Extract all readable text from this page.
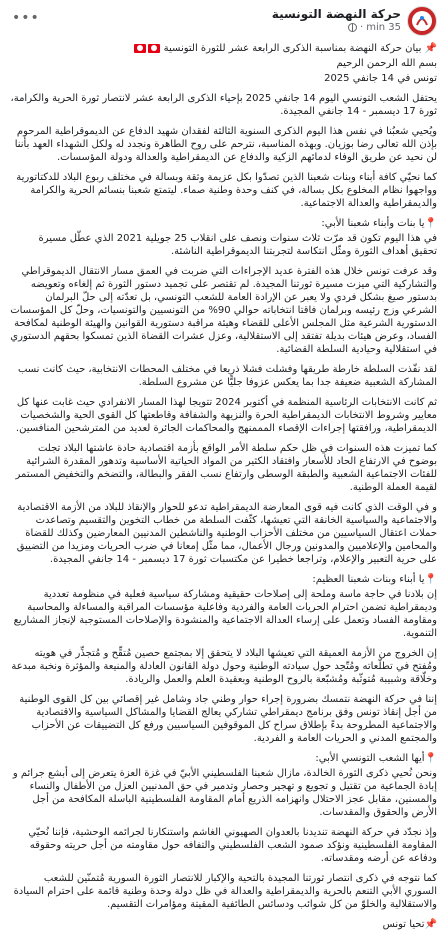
حركة النهضة التونسية
35 min
·
•••

📌 بيان حركة النهضة بمناسبة الذكرى الرابعة عشر للثورة التونسية

بسم الله الرحمن الرحيم

تونس في 14 جانفي 2025

يحتفل الشعب التونسي اليوم 14 جانفي 2025 بإحياء الذكرى الرابعة عشر لانتصار ثورة الحرية والكرامة، ثورة 17 ديسمبر - 14 جانفي المجيدة.

ويُحيي شعبُنا في نفس هذا اليوم الذكرى السنوية الثالثة لفقدان شهيد الدفاع عن الديموقراطية المرحوم بإذن الله تعالى رضا بوزيان. وبهذه المناسبة، نترحم على روح الطاهرة ونجدد له ولكل الشهداء العهد بأننا لن نحيد عن طريق الوفاء لدمائهم الزكية والدفاع عن الديمقراطية والعدالة ودولة المؤسسات.

كما نحيّي كافة أبناء وبنات شعبنا الذين تصدّوا بكل عزيمة وثقة وبسالة في مختلف ربوع البلاد للدكتاتورية وواجهوا نظام المخلوع بكل بسالة، في كنف وحدة وطنية صماء. ليتمتع شعبنا بنسائم الحرية والكرامة والديمقراطية والعدالة الاجتماعية.

📍يا بنات وأبناء شعبنا الأبي:

في هذا اليوم تكون قد مرّت ثلاث سنوات ونصف على انقلاب 25 جويلية 2021 الذي عطّل مسيرة تحقيق أهداف الثورة ومثّل انتكاسة لتجربتنا الديموقراطية الناشئة.

وقد عرفت تونس خلال هذه الفترة عديد الإجراءات التي ضربت في العمق مسار الانتقال الديموقراطي والتشاركية التي ميزت مسيرة ثورتنا المجيدة. لم تقتصر على تجميد دستور الثورة ثم إلغاءه وتعويضه بدستور صيغ بشكل فردي ولا يعبر عن الإرادة العامة للشعب التونسي، بل تعدّته إلى حلّ البرلمان الشرعي وزج رئيسه وبرلمان فاقتا انتخاباته حوالي 90% من التونسيين والتونسيات، وحلّ كل المؤسسات الدستورية الشرعية مثل المجلس الأعلى للقضاء وهيئة مراقبة دستورية القوانين والهيئة الوطنية لمكافحة الفساد، وعرض هيئات بديلة تفتقد إلى الاستقلالية، وعزل عشرات القضاة الذين تمسكوا بحقهم الدستوري في استقلالية وحيادية السلطة القضائية.

لقد نفّذت السلطة خارطة طريقها وفشلت فشلا ذريعا في مختلف المحطات الانتخابية، حيث كانت نسب المشاركة الشعبية ضعيفة جدا بما يعكس عزوفا جليًّا عن مشروع السلطة.

ثم كانت الانتخابات الرئاسية المنظمة في أكتوبر 2024 تتويجا لهذا المسار الانفرادي حيث غابت عنها كل معايير وشروط الانتخابات الديمقراطية الحرة والنزيهة والشفافة وقاطعتها كل القوى الحية والشخصيات الديمقراطية، ورافقتها إجراءات الإقصاء المممنهج والمحاكمات الجائرة لعديد من المترشحين المنافسين.

كما تميزت هذه السنوات في ظل حكم سلطة الأمر الواقع بأزمة اقتصادية حادة عاشتها البلاد تجلت بوضوح في الارتفاع الحاد للأسعار وافتقاد الكثير من المواد الحياتية الأساسية وتدهور المقدرة الشرائية للفئات الاجتماعية الشعبية والطبقة الوسطى وارتفاع نسب الفقر والبطالة، والتضخم والتخفيض المستمر لقيمة العملة الوطنية.

و في الوقت الذي كانت فيه قوى المعارضة الديمقراطية تدعو للحوار والإنقاذ للبلاد من الأزمة الاقتصادية والاجتماعية والسياسية الخانقة التي تعيشها، كثّفت السلطة من خطاب التخوين والتقسيم وتصاعدت حملات اعتقال السياسيين من مختلف الأحزاب الوطنية والناشطين المدنيين المعارضين وكذلك للقضاة والمحامين والإعلاميين والمدونين ورجال الأعمال، مما مثّل إمعانا في ضرب الحريات ومزيدا من التضييق على حرية التعبير والإعلام، وتراجعا خطيرا عن مكتسبات ثورة 17 ديسمبر - 14 جانفي المجيدة.

📍يا أبناء وبنات شعبنا العظيم:

إن بلادنا في حاجة ماسة وملحة إلى إصلاحات حقيقية ومشاركة سياسية فعلية في منظومة تعددية وديمقراطية تضمن احترام الحريات العامة والفردية وفاعلية مؤسسات المراقبة والمساءلة والمحاسبة ومقاومة الفساد وتعمل على إرساء العدالة الاجتماعية والمنشودة والإصلاحات المستوجبة لإنجاز المشاريع التنموية.

إن الخروج من الأزمة العميقة التي تعيشها البلاد لا يتحقق إلا بمجتمع حصين مُتقِّح و مُتجذِّر في هويته ومُفتح في تطلّعاته ومُتّحِد حول سيادته الوطنية وحول دولة القانون العادلة والمنيعة والمؤثرة ونخبة مبدعة وخلّاقة وشبيبة مُتوثّبة ومُشبّعة بالروح الوطنية وبعقيدة العلم والعمل والريادة.

إننا في حركة النهضة نتمسك بضرورة إجراء حوار وطني جاد وشامل غير إقصائي بين كل القوى الوطنية من أجل إنقاذ تونس وفق برنامج ديمقراطي تشاركي يعالج القضايا والمشاكل السياسية والاقتصادية والاجتماعية المطروحة بدءً بإطلاق سراح كل الموقوفين السياسيين ورفع كل التضييقات عن الأحزاب والمجتمع المدني و الحريات العامة و الفردية.

📍أيها الشعب التونسي الأبي:

ونحن نُحيي ذكرى الثورة الخالدة، مازال شعبنا الفلسطيني الأبيّ في غزة العزة يتعرض إلى أبشع جرائم و إبادة الجماعية من تقتيل و تجويع و تهجير وحصار وتدمير في حق المدنيين العزل من الأطفال والنساء والمسنين، مقابل عجز الاحتلال وانهزامه الذريع أمام المقاومة الفلسطينية الباسلة المكافحة من أجل الأرض والحقوق والمقدسات.

وإذ نجدّد في حركة النهضة تنديدنا بالعدوان الصهيوني الغاشم واستنكارنا لجرائمه الوحشية، فإننا نُحيّي المقاومة الفلسطينية ونؤكد صمود الشعب الفلسطيني والتفافه حول مقاومته من أجل حريته وحقوقه ودفاعه عن أرضه ومقدساته.

كما نتوجه في ذكرى انتصار ثورتنا المجيدة بالتحية والإكبار للانتصار الثورة السورية مُتمنّين للشعب السوري الأبي التنعم بالحرية والديمقراطية والعدالة في ظل دولة وحدة وطنية قائمة على احترام السيادة والاستقلالية والخلوّ من كل شوائب ودسائس الطائفية المقيتة ومؤامرات التقسيم.

📌تحيا تونس
